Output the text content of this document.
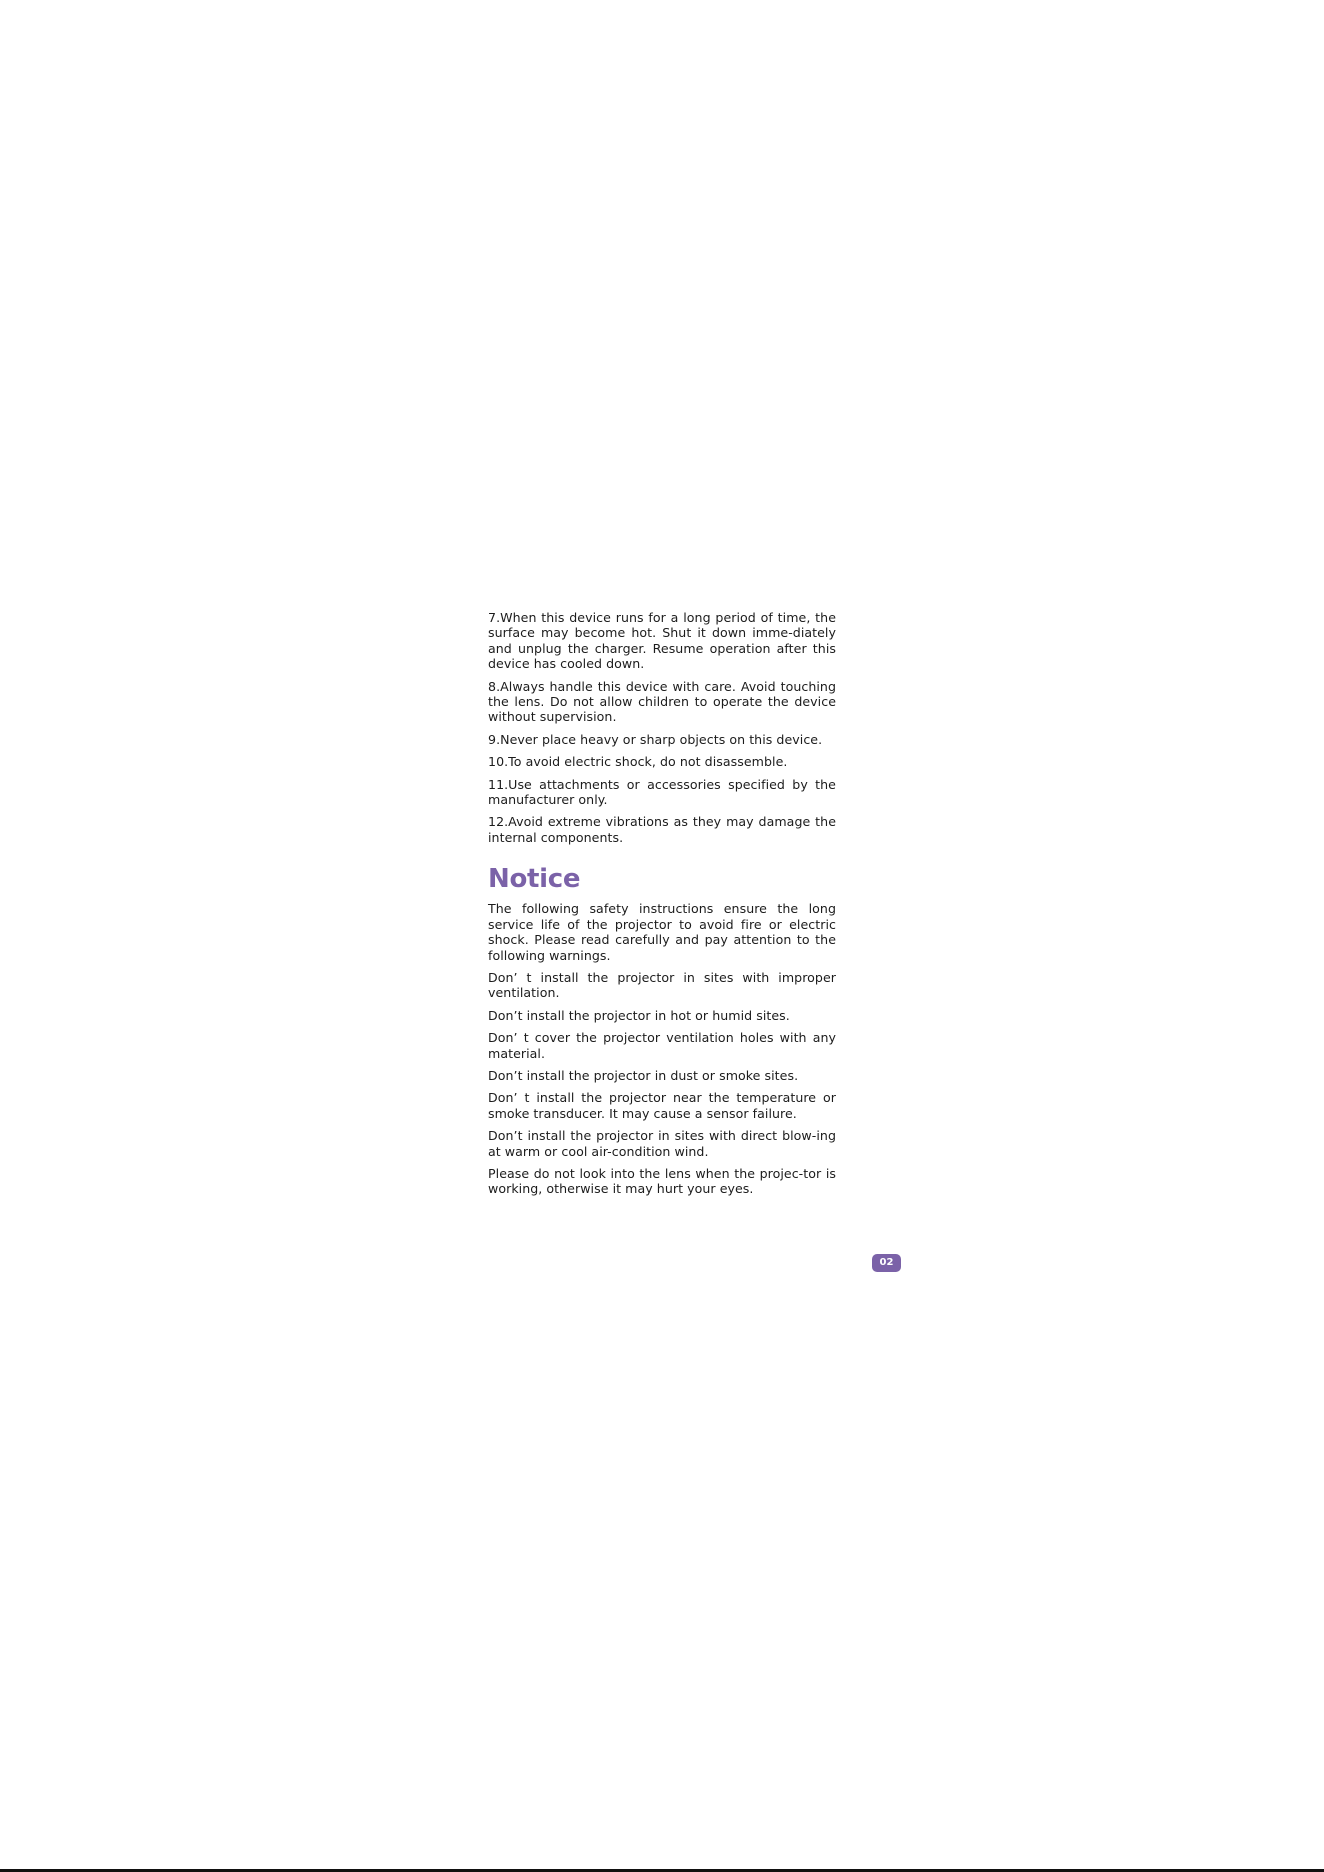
7.When this device runs for a long period of time, the surface may become hot. Shut it down imme-diately and unplug the charger. Resume operation after this device has cooled down.

8.Always handle this device with care. Avoid touching the lens. Do not allow children to operate the device without supervision.

9.Never place heavy or sharp objects on this device.

10.To avoid electric shock, do not disassemble.

11.Use attachments or accessories specified by the manufacturer only.

12.Avoid extreme vibrations as they may damage the internal components.

Notice

The following safety instructions ensure the long service life of the projector to avoid fire or electric shock. Please read carefully and pay attention to the following warnings.

Don’ t install the projector in sites with improper ventilation.

Don’t install the projector in hot or humid sites.

Don’ t cover the projector ventilation holes with any material.

Don’t install the projector in dust or smoke sites.

Don’ t install the projector near the temperature or smoke transducer. It may cause a sensor failure.

Don’t install the projector in sites with direct blow-ing at warm or cool air-condition wind.

Please do not look into the lens when the projec-tor is working, otherwise it may hurt your eyes.

02
